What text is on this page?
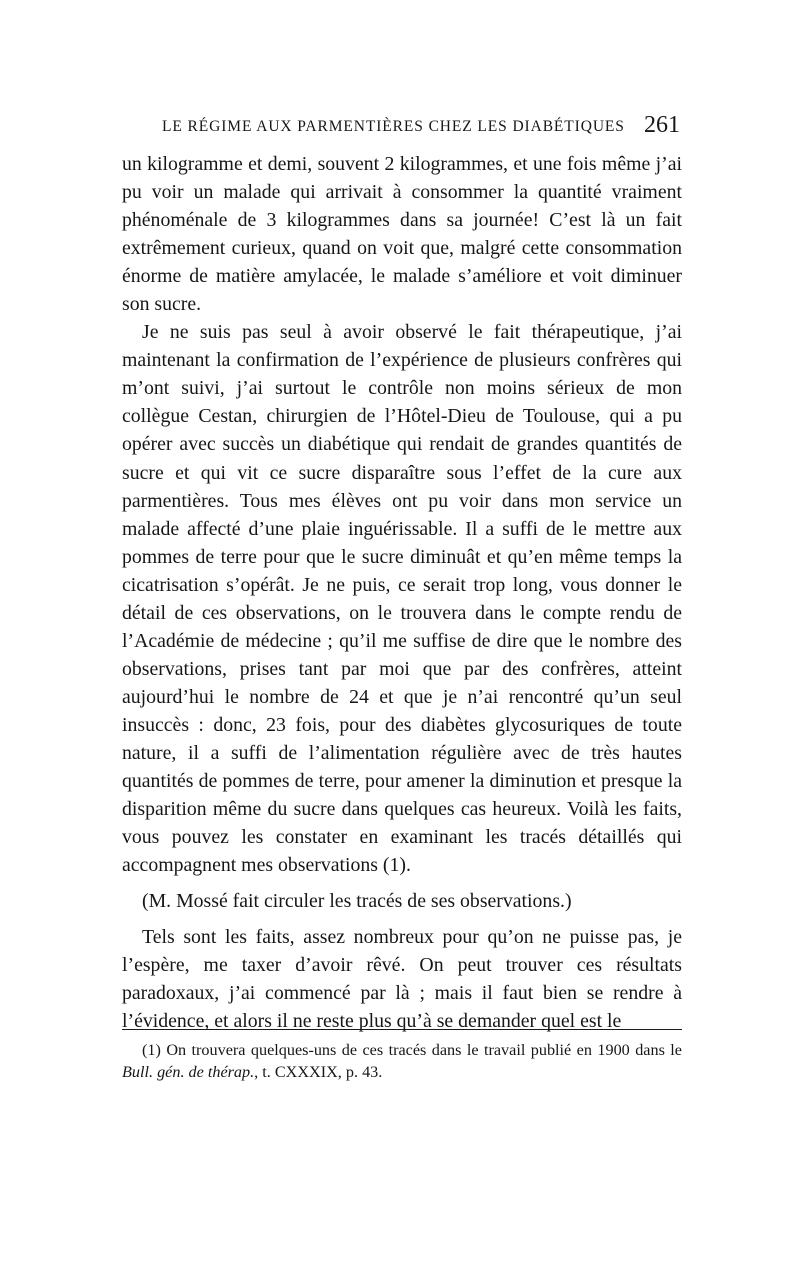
LE RÉGIME AUX PARMENTIÈRES CHEZ LES DIABÉTIQUES 261

un kilogramme et demi, souvent 2 kilogrammes, et une fois même j’ai pu voir un malade qui arrivait à consommer la quantité vraiment phénoménale de 3 kilogrammes dans sa journée! C’est là un fait extrêmement curieux, quand on voit que, malgré cette consommation énorme de matière amylacée, le malade s’améliore et voit diminuer son sucre.

Je ne suis pas seul à avoir observé le fait thérapeutique, j’ai maintenant la confirmation de l’expérience de plusieurs confrères qui m’ont suivi, j’ai surtout le contrôle non moins sérieux de mon collègue Cestan, chirurgien de l’Hôtel-Dieu de Toulouse, qui a pu opérer avec succès un diabétique qui rendait de grandes quantités de sucre et qui vit ce sucre disparaître sous l’effet de la cure aux parmentières. Tous mes élèves ont pu voir dans mon service un malade affecté d’une plaie inguérissable. Il a suffi de le mettre aux pommes de terre pour que le sucre diminuât et qu’en même temps la cicatrisation s’opérât. Je ne puis, ce serait trop long, vous donner le détail de ces observations, on le trouvera dans le compte rendu de l’Académie de médecine ; qu’il me suffise de dire que le nombre des observations, prises tant par moi que par des confrères, atteint aujourd’hui le nombre de 24 et que je n’ai rencontré qu’un seul insuccès : donc, 23 fois, pour des diabètes glycosuriques de toute nature, il a suffi de l’alimentation régulière avec de très hautes quantités de pommes de terre, pour amener la diminution et presque la disparition même du sucre dans quelques cas heureux. Voilà les faits, vous pouvez les constater en examinant les tracés détaillés qui accompagnent mes observations (1).

(M. Mossé fait circuler les tracés de ses observations.)

Tels sont les faits, assez nombreux pour qu’on ne puisse pas, je l’espère, me taxer d’avoir rêvé. On peut trouver ces résultats paradoxaux, j’ai commencé par là ; mais il faut bien se rendre à l’évidence, et alors il ne reste plus qu’à se demander quel est le

(1) On trouvera quelques-uns de ces tracés dans le travail publié en 1900 dans le Bull. gén. de thérap., t. CXXXIX, p. 43.
